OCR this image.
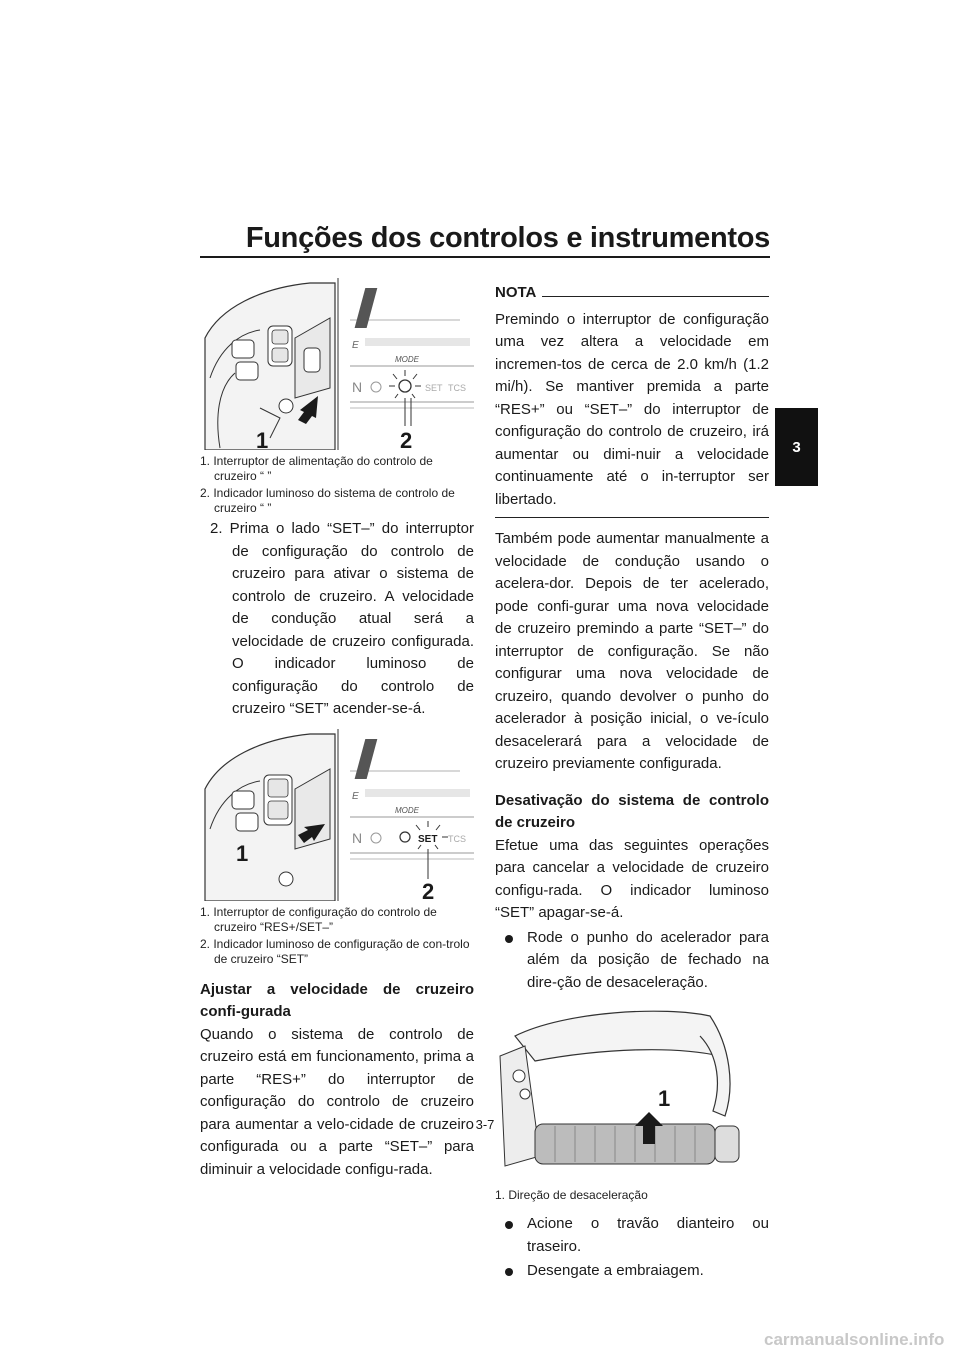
Funções dos controlos e instrumentos
3
1
E
MODE
N	SET TCS
2
1. Interruptor de alimentação do controlo de cruzeiro “ ”
2. Indicador luminoso do sistema de controlo de cruzeiro “ ”

2. Prima o lado “SET–” do interruptor de configuração do controlo de cruzeiro para ativar o sistema de controlo de cruzeiro. A velocidade de condução atual será a velocidade de cruzeiro configurada. O indicador luminoso de configuração do controlo de cruzeiro “SET” acender-se-á.

1
E
MODE
N	SET TCS
2
1. Interruptor de configuração do controlo de cruzeiro “RES+/SET–”
2. Indicador luminoso de configuração de con-trolo de cruzeiro “SET”

Ajustar a velocidade de cruzeiro confi-gurada

Quando o sistema de controlo de cruzeiro está em funcionamento, prima a parte “RES+” do interruptor de configuração do controlo de cruzeiro para aumentar a velo-cidade de cruzeiro configurada ou a parte “SET–” para diminuir a velocidade configu-rada.

NOTA

Premindo o interruptor de configuração uma vez altera a velocidade em incremen-tos de cerca de 2.0 km/h (1.2 mi/h). Se mantiver premida a parte “RES+” ou “SET–” do interruptor de configuração do controlo de cruzeiro, irá aumentar ou dimi-nuir a velocidade continuamente até o in-terruptor ser libertado.

Também pode aumentar manualmente a velocidade de condução usando o acelera-dor. Depois de ter acelerado, pode confi-gurar uma nova velocidade de cruzeiro premindo a parte “SET–” do interruptor de configuração. Se não configurar uma nova velocidade de cruzeiro, quando devolver o punho do acelerador à posição inicial, o ve-ículo desacelerará para a velocidade de cruzeiro previamente configurada.

Desativação do sistema de controlo de cruzeiro

Efetue uma das seguintes operações para cancelar a velocidade de cruzeiro configu-rada. O indicador luminoso “SET” apagar-se-á.

Rode o punho do acelerador para além da posição de fechado na dire-ção de desaceleração.

1
1. Direção de desaceleração

Acione o travão dianteiro ou traseiro.

Desengate a embraiagem.

3-7
carmanualsonline.info
